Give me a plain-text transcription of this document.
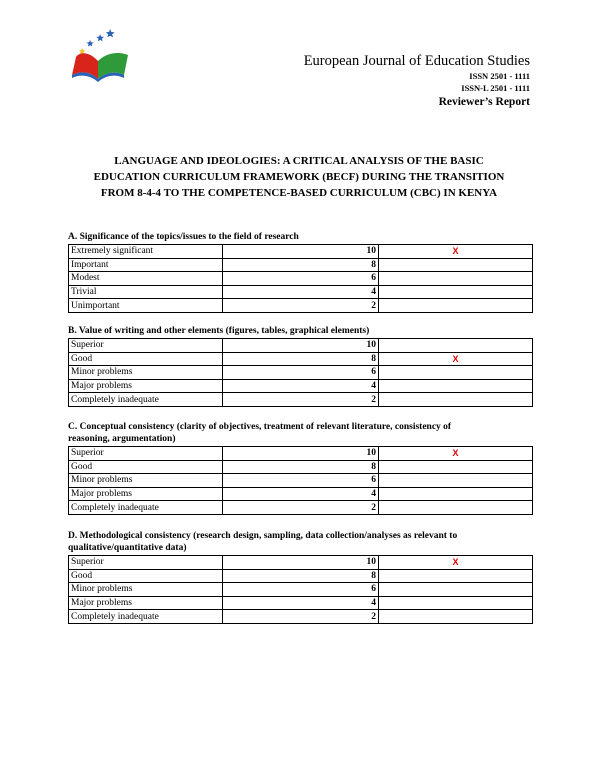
European Journal of Education Studies
ISSN 2501 - 1111
ISSN-L 2501 - 1111
Reviewer’s Report
LANGUAGE AND IDEOLOGIES: A CRITICAL ANALYSIS OF THE BASIC
EDUCATION CURRICULUM FRAMEWORK (BECF) DURING THE TRANSITION
FROM 8-4-4 TO THE COMPETENCE-BASED CURRICULUM (CBC) IN KENYA
A. Significance of the topics/issues to the field of research
Extremely significant	10	X
Important	8	
Modest	6	
Trivial	4	
Unimportant	2	
B. Value of writing and other elements (figures, tables, graphical elements)
Superior	10	
Good	8	X
Minor problems	6	
Major problems	4	
Completely inadequate	2	
C. Conceptual consistency (clarity of objectives, treatment of relevant literature, consistency of
reasoning, argumentation)
Superior	10	X
Good	8	
Minor problems	6	
Major problems	4	
Completely inadequate	2	
D. Methodological consistency (research design, sampling, data collection/analyses as relevant to
qualitative/quantitative data)
Superior	10	X
Good	8	
Minor problems	6	
Major problems	4	
Completely inadequate	2	
